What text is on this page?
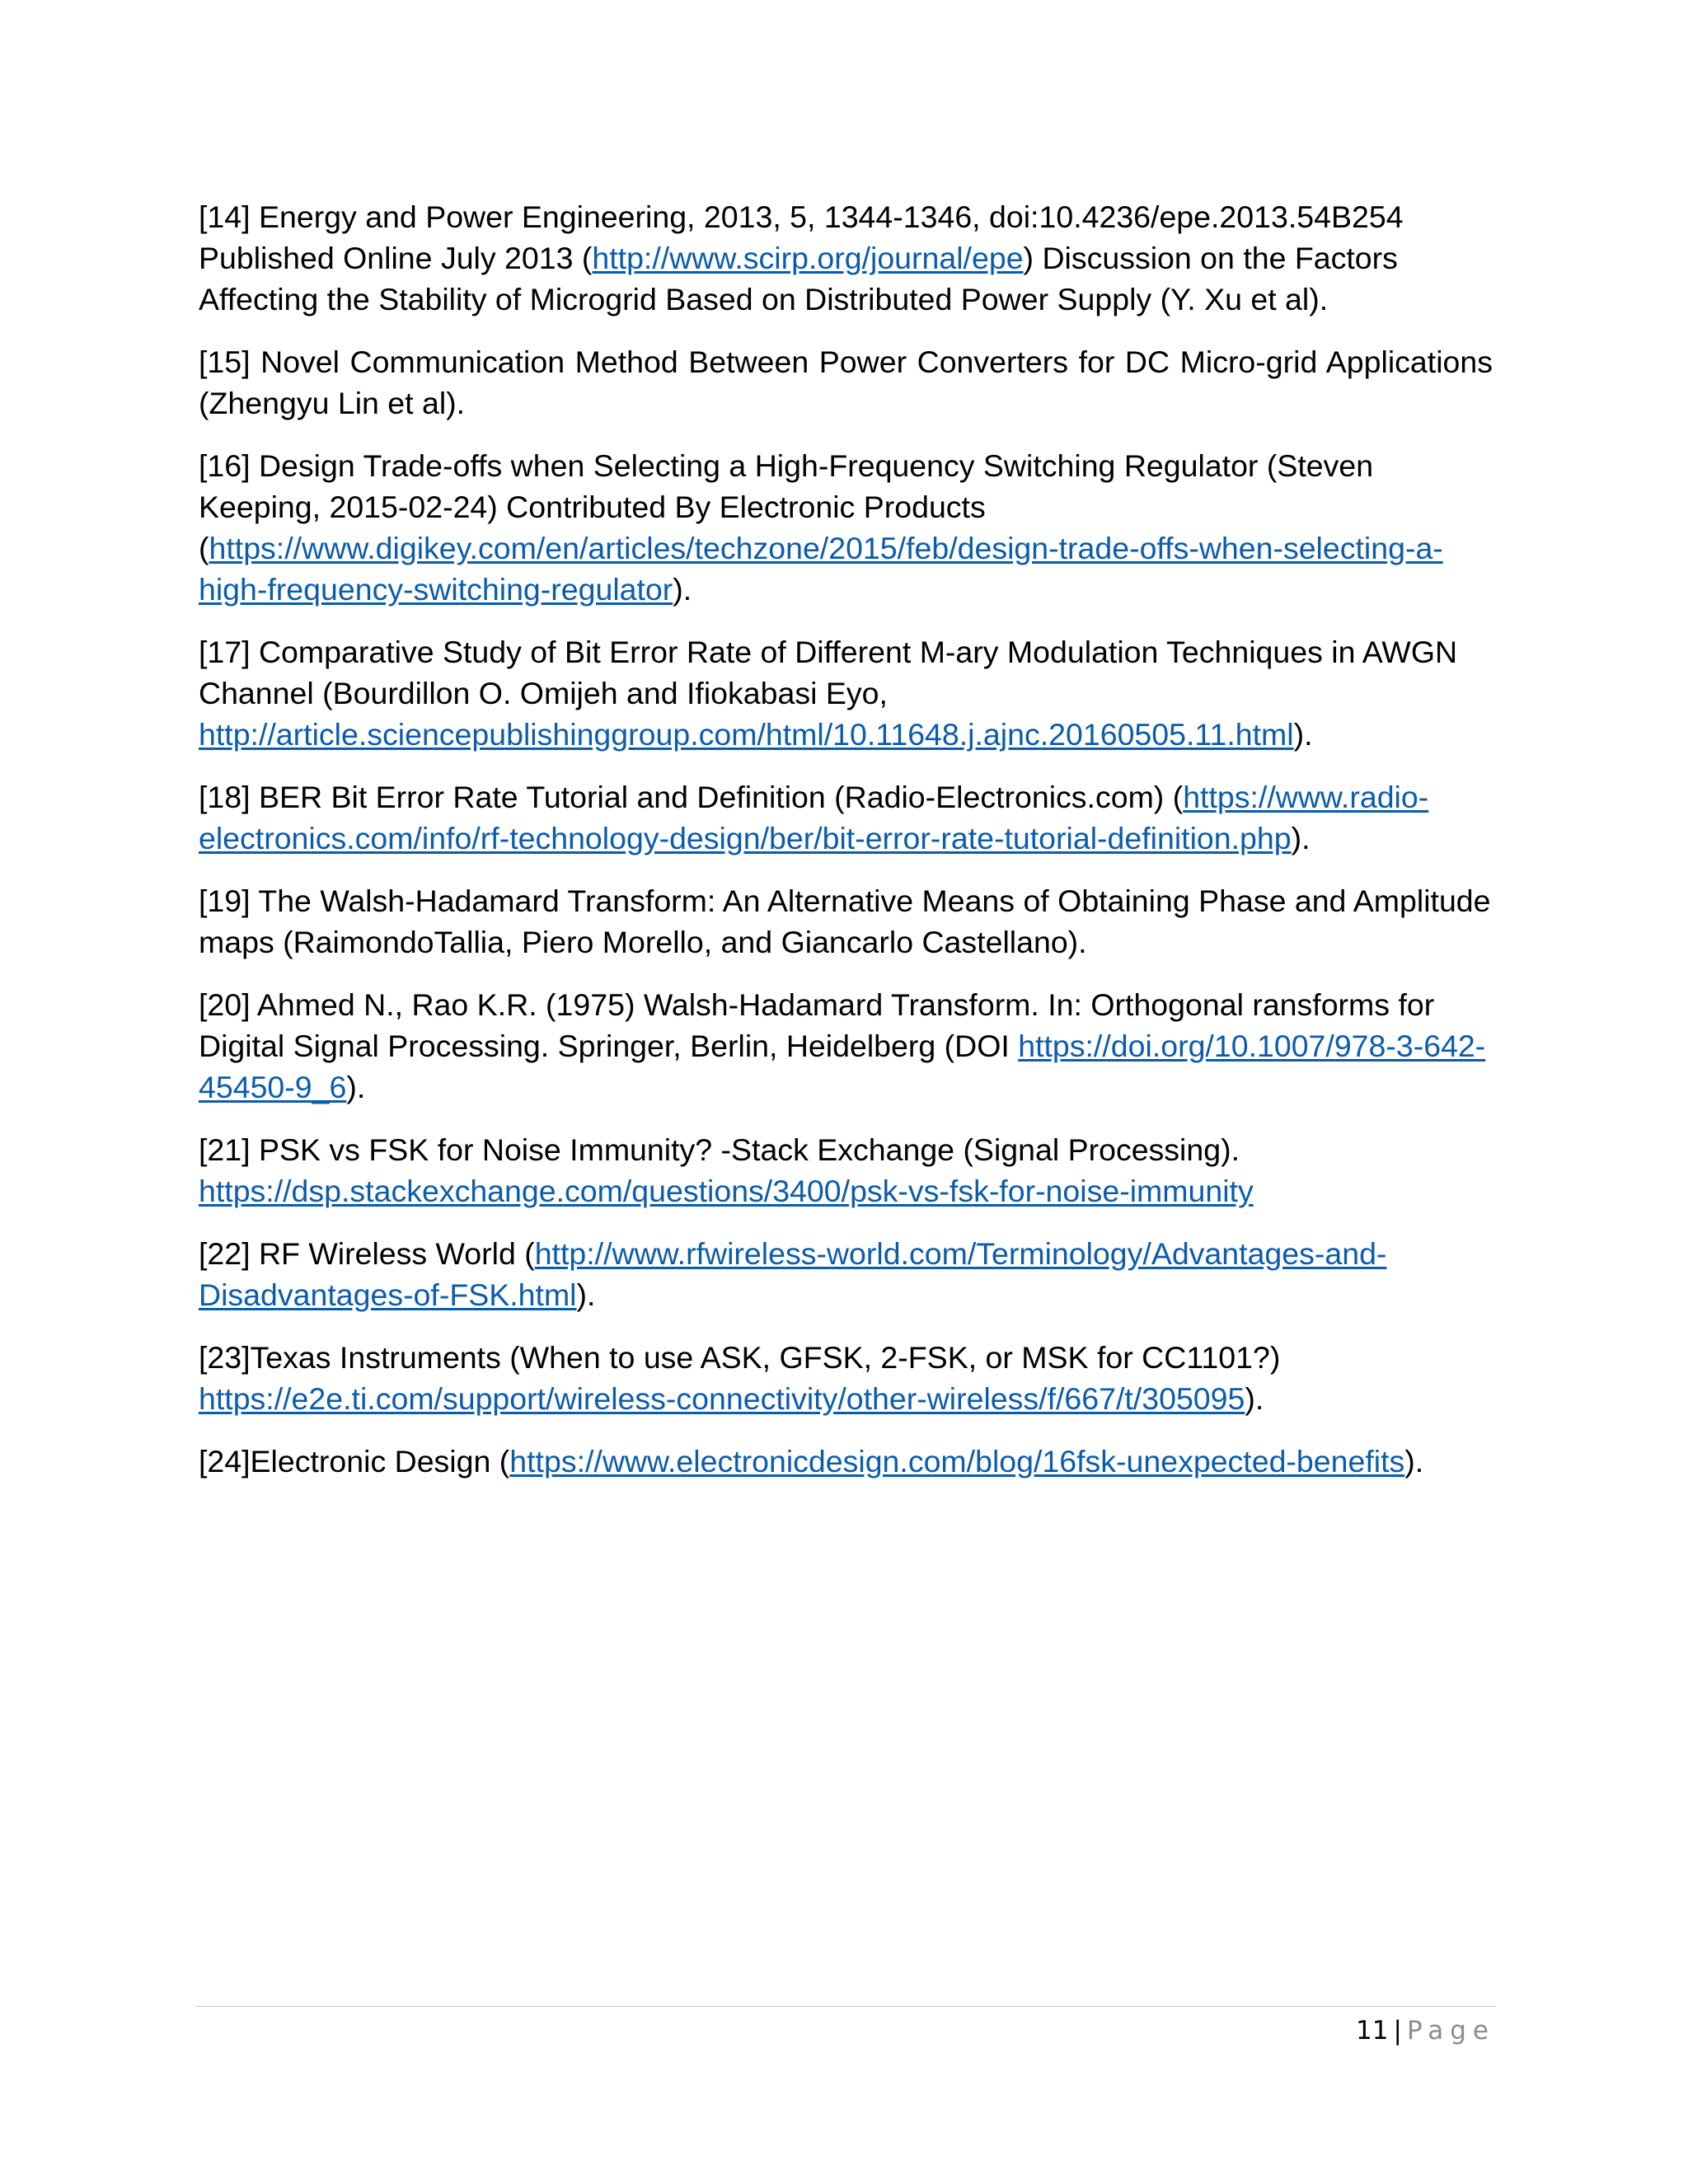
[14] Energy and Power Engineering, 2013, 5, 1344-1346, doi:10.4236/epe.2013.54B254 Published Online July 2013 (http://www.scirp.org/journal/epe) Discussion on the Factors Affecting the Stability of Microgrid Based on Distributed Power Supply (Y. Xu et al).

[15] Novel Communication Method Between Power Converters for DC Micro-grid Applications (Zhengyu Lin et al).

[16] Design Trade-offs when Selecting a High-Frequency Switching Regulator (Steven Keeping, 2015-02-24) Contributed By Electronic Products
(https://www.digikey.com/en/articles/techzone/2015/feb/design-trade-offs-when-selecting-a-high-frequency-switching-regulator).

[17] Comparative Study of Bit Error Rate of Different M-ary Modulation Techniques in AWGN Channel (Bourdillon O. Omijeh and Ifiokabasi Eyo, http://article.sciencepublishinggroup.com/html/10.11648.j.ajnc.20160505.11.html).

[18] BER Bit Error Rate Tutorial and Definition (Radio-Electronics.com) (https://www.radio-electronics.com/info/rf-technology-design/ber/bit-error-rate-tutorial-definition.php).

[19] The Walsh-Hadamard Transform: An Alternative Means of Obtaining Phase and Amplitude maps (RaimondoTallia, Piero Morello, and Giancarlo Castellano).

[20] Ahmed N., Rao K.R. (1975) Walsh-Hadamard Transform. In: Orthogonal ransforms for Digital Signal Processing. Springer, Berlin, Heidelberg (DOI https://doi.org/10.1007/978-3-642-45450-9_6).

[21] PSK vs FSK for Noise Immunity? -Stack Exchange (Signal Processing).
https://dsp.stackexchange.com/questions/3400/psk-vs-fsk-for-noise-immunity

[22] RF Wireless World (http://www.rfwireless-world.com/Terminology/Advantages-and-Disadvantages-of-FSK.html).

[23]Texas Instruments (When to use ASK, GFSK, 2-FSK, or MSK for CC1101?)
https://e2e.ti.com/support/wireless-connectivity/other-wireless/f/667/t/305095).

[24]Electronic Design (https://www.electronicdesign.com/blog/16fsk-unexpected-benefits).

11 | Page
